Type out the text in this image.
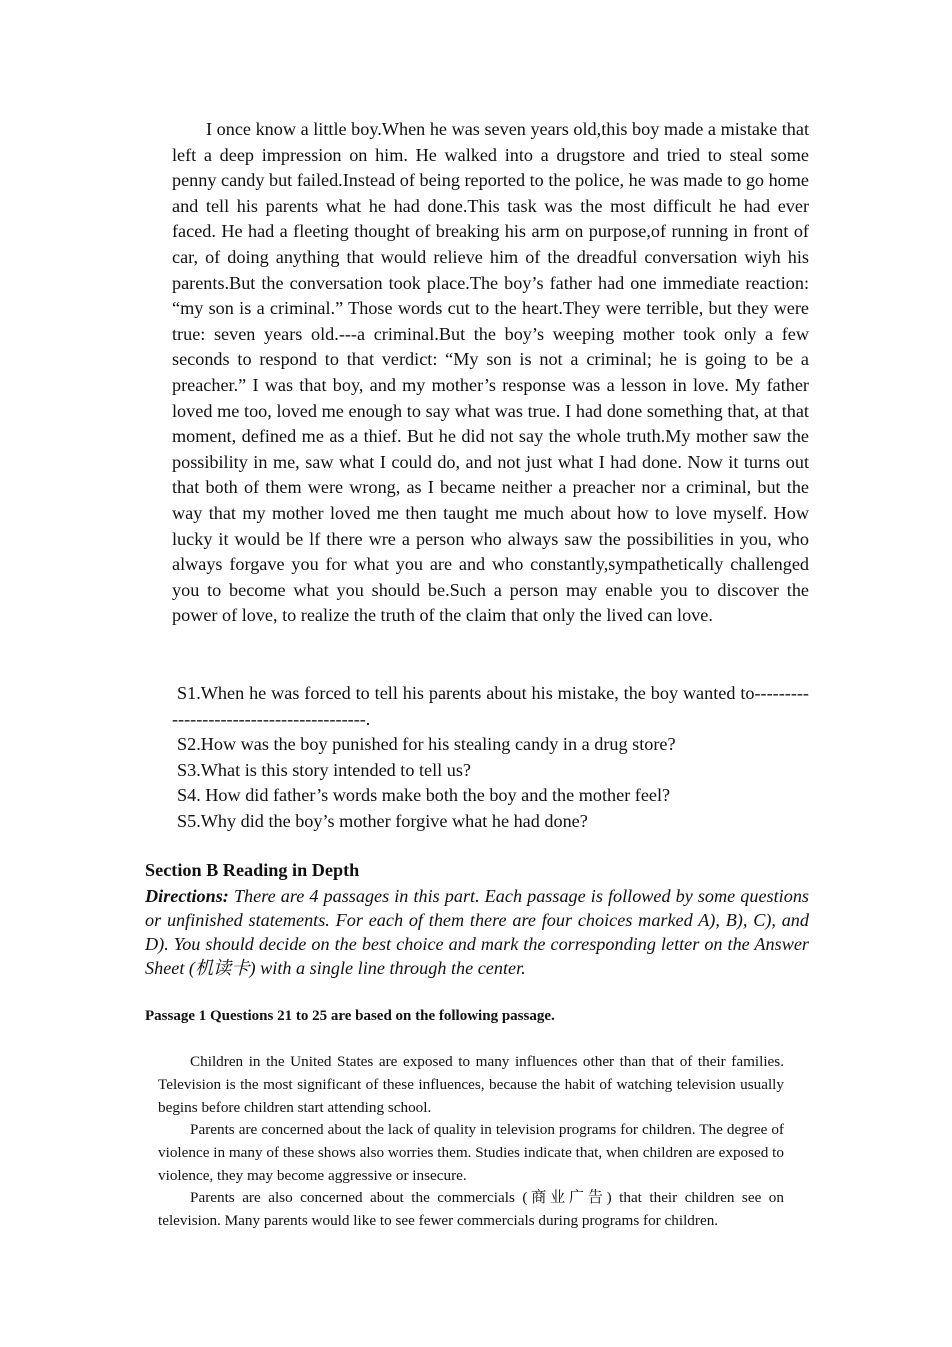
I once know a little boy.When he was seven years old,this boy made a mistake that left a deep impression on him. He walked into a drugstore and tried to steal some penny candy but failed.Instead of being reported to the police, he was made to go home and tell his parents what he had done.This task was the most difficult he had ever faced. He had a fleeting thought of breaking his arm on purpose,of running in front of car, of doing anything that would relieve him of the dreadful conversation wiyh his parents.But the conversation took place.The boy’s father had one immediate reaction: “my son is a criminal.” Those words cut to the heart.They were terrible, but they were true: seven years old.---a criminal.But the boy’s weeping mother took only a few seconds to respond to that verdict: “My son is not a criminal; he is going to be a preacher.” I was that boy, and my mother’s response was a lesson in love. My father loved me too, loved me enough to say what was true. I had done something that, at that moment, defined me as a thief. But he did not say the whole truth.My mother saw the possibility in me, saw what I could do, and not just what I had done. Now it turns out that both of them were wrong, as I became neither a preacher nor a criminal, but the way that my mother loved me then taught me much about how to love myself. How lucky it would be lf there wre a person who always saw the possibilities in you, who always forgave you for what you are and who constantly,sympathetically challenged you to become what you should be.Such a person may enable you to discover the power of love, to realize the truth of the claim that only the lived can love.

S1.When he was forced to tell his parents about his mistake, the boy wanted to-----------------------------------------.

S2.How was the boy punished for his stealing candy in a drug store?

S3.What is this story intended to tell us?

S4. How did father’s words make both the boy and the mother feel?

S5.Why did the boy’s mother forgive what he had done?

Section B Reading in Depth

Directions: There are 4 passages in this part. Each passage is followed by some questions or unfinished statements. For each of them there are four choices marked A), B), C), and D). You should decide on the best choice and mark the corresponding letter on the Answer Sheet (机读卡) with a single line through the center.

Passage 1 Questions 21 to 25 are based on the following passage.

Children in the United States are exposed to many influences other than that of their families. Television is the most significant of these influences, because the habit of watching television usually begins before children start attending school.

Parents are concerned about the lack of quality in television programs for children. The degree of violence in many of these shows also worries them. Studies indicate that, when children are exposed to violence, they may become aggressive or insecure.

Parents are also concerned about the commercials (商业广告) that their children see on television. Many parents would like to see fewer commercials during programs for children.
